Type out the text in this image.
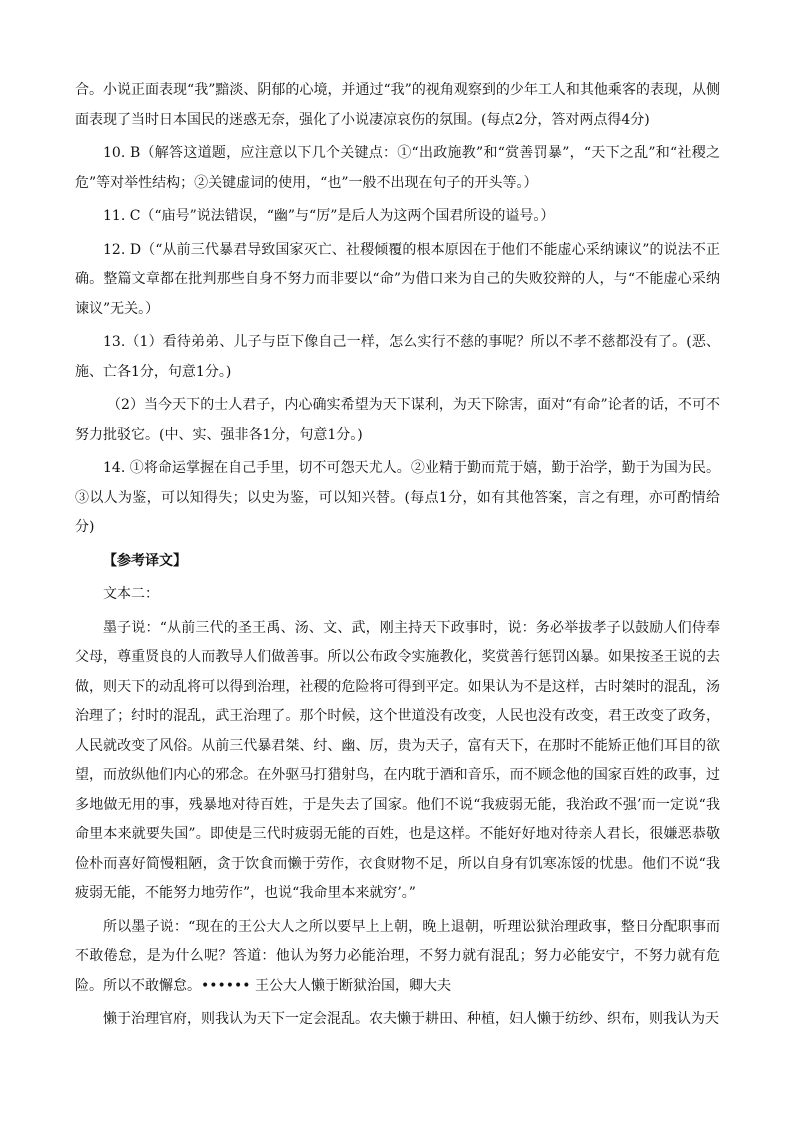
合。小说正面表现“我”黯淡、阴郁的心境，并通过“我”的视角观察到的少年工人和其他乘客的表现，从侧面表现了当时日本国民的迷惑无奈，强化了小说凄凉哀伤的氛围。(每点2分，答对两点得4分)

10. B（解答这道题，应注意以下几个关键点：①“出政施教”和“赏善罚暴”，“天下之乱”和“社稷之危”等对举性结构；②关键虚词的使用，“也”一般不出现在句子的开头等。）

11. C（“庙号”说法错误，“幽”与“厉”是后人为这两个国君所设的谥号。）

12. D（“从前三代暴君导致国家灭亡、社稷倾覆的根本原因在于他们不能虚心采纳谏议”的说法不正确。整篇文章都在批判那些自身不努力而非要以“命”为借口来为自己的失败狡辩的人，与“不能虚心采纳谏议”无关。）

13.（1）看待弟弟、儿子与臣下像自己一样，怎么实行不慈的事呢？所以不孝不慈都没有了。(恶、施、亡各1分，句意1分。)

（2）当今天下的士人君子，内心确实希望为天下谋利，为天下除害，面对“有命”论者的话，不可不努力批驳它。(中、实、强非各1分，句意1分。)

14. ①将命运掌握在自己手里，切不可怨天尤人。②业精于勤而荒于嬉，勤于治学，勤于为国为民。③以人为鉴，可以知得失；以史为鉴，可以知兴替。(每点1分，如有其他答案，言之有理，亦可酌情给分)

【参考译文】

文本二：

墨子说：“从前三代的圣王禹、汤、文、武，刚主持天下政事时，说：务必举拔孝子以鼓励人们侍奉父母，尊重贤良的人而教导人们做善事。所以公布政令实施教化，奖赏善行惩罚凶暴。如果按圣王说的去做，则天下的动乱将可以得到治理，社稷的危险将可得到平定。如果认为不是这样，古时桀时的混乱，汤治理了；纣时的混乱，武王治理了。那个时候，这个世道没有改变，人民也没有改变，君王改变了政务，人民就改变了风俗。从前三代暴君桀、纣、幽、厉，贵为天子，富有天下，在那时不能矫正他们耳目的欲望，而放纵他们内心的邪念。在外驱马打猎射鸟，在内耽于酒和音乐，而不顾念他的国家百姓的政事，过多地做无用的事，残暴地对待百姓，于是失去了国家。他们不说“我疲弱无能，我治政不强’而一定说“我命里本来就要失国”。即使是三代时疲弱无能的百姓，也是这样。不能好好地对待亲人君长，很嫌恶恭敬俭朴而喜好简慢粗陋，贪于饮食而懒于劳作，衣食财物不足，所以自身有饥寒冻馁的忧患。他们不说“我疲弱无能，不能努力地劳作”，也说“我命里本来就穷’。”

所以墨子说：“现在的王公大人之所以要早上上朝，晚上退朝，听理讼狱治理政事，整日分配职事而不敢倦怠，是为什么呢？答道：他认为努力必能治理，不努力就有混乱；努力必能安宁，不努力就有危险。所以不敢懈怠。•••••• 王公大人懒于断狱治国，卿大夫

懒于治理官府，则我认为天下一定会混乱。农夫懒于耕田、种植，妇人懒于纺纱、织布，则我认为天
